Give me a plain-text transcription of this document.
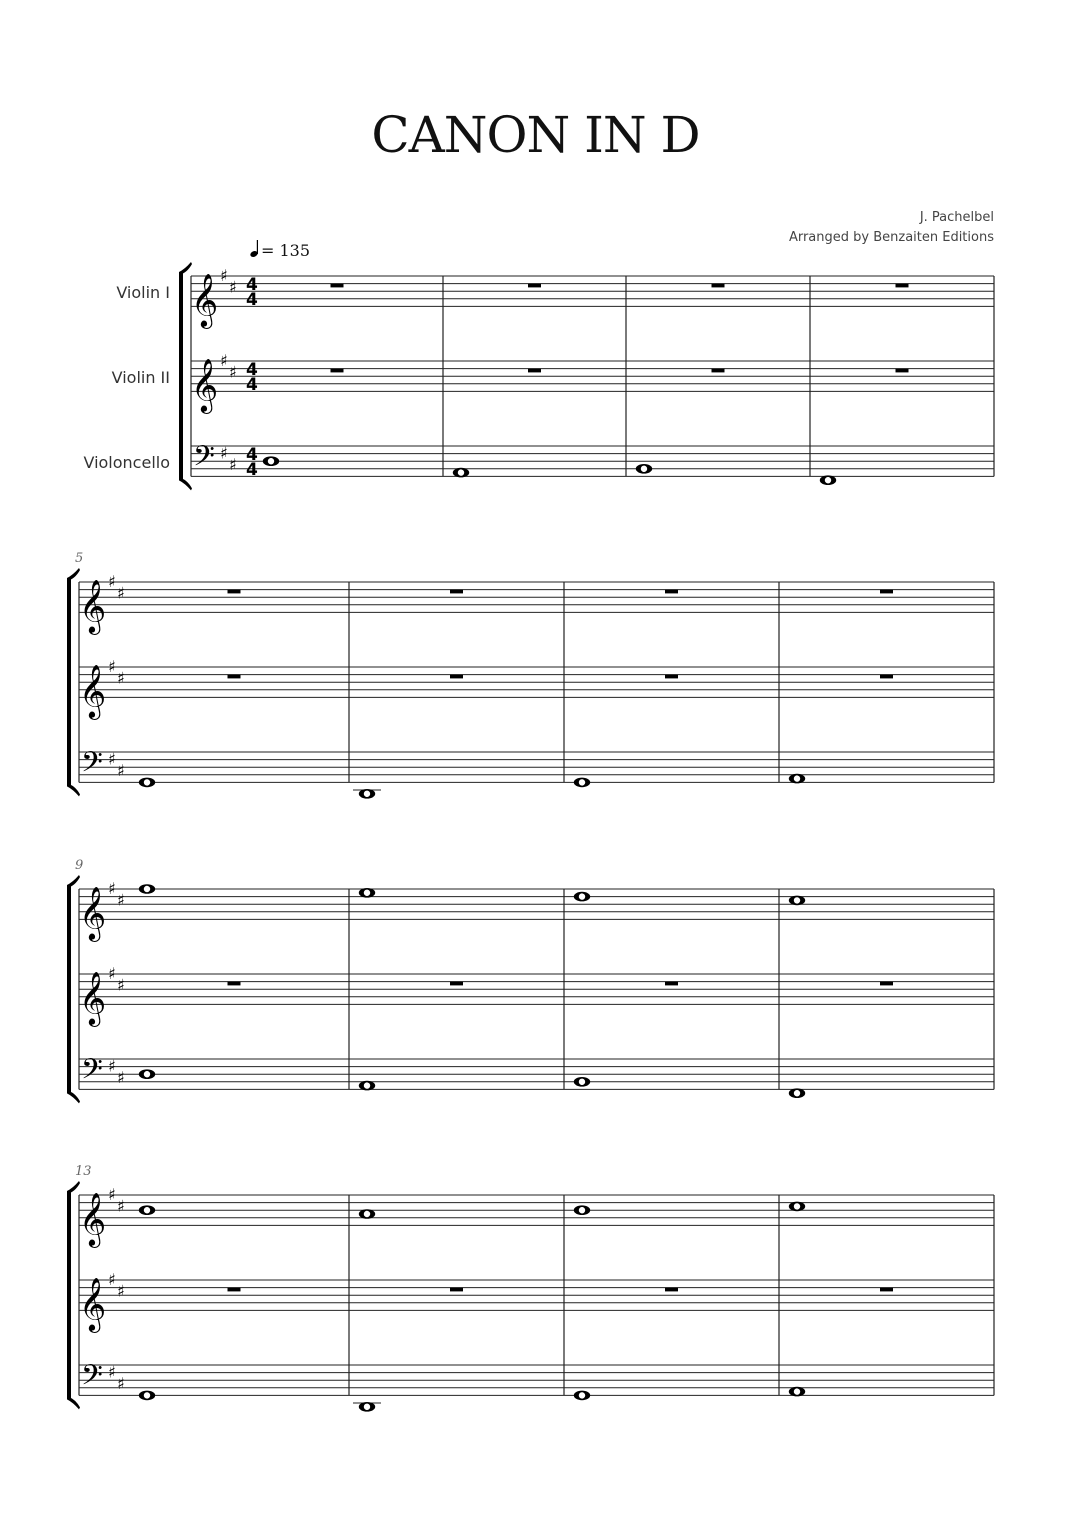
CANON IN D
J. Pachelbel
Arranged by Benzaiten Editions
= 135
Violin I 𝄞 ♯
♯ 4
4
Violin II 𝄞 ♯
♯ 4
4
Violoncello 𝄢 ♯
♯ 4
4
5
𝄞 ♯
♯
𝄞 ♯
♯
𝄢 ♯
♯
9
𝄞 ♯
♯
𝄞 ♯
♯
𝄢 ♯
♯
13
𝄞 ♯
♯
𝄞 ♯
♯
𝄢 ♯
♯
